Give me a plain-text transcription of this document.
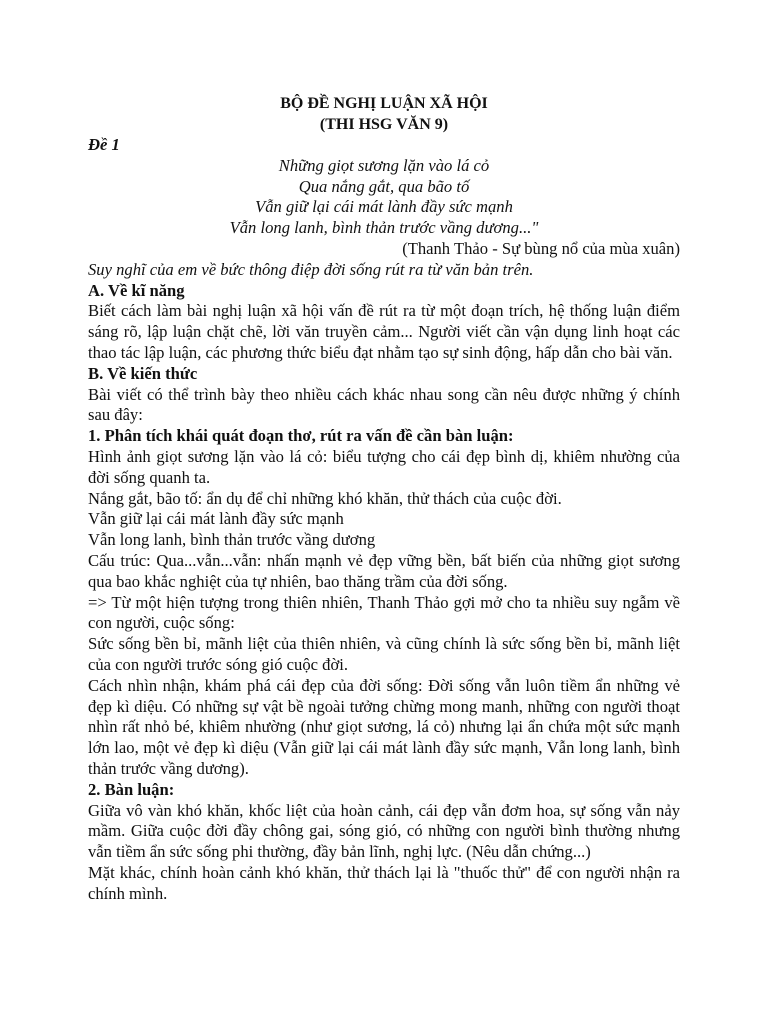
BỘ ĐỀ NGHỊ LUẬN XÃ HỘI
(THI HSG VĂN 9)
Đề 1
Những giọt sương lặn vào lá cỏ
Qua nắng gắt, qua bão tố
Vẫn giữ lại cái mát lành đầy sức mạnh
Vẫn long lanh, bình thản trước vầng dương..."
(Thanh Thảo - Sự bùng nổ của mùa xuân)
Suy nghĩ của em về bức thông điệp đời sống rút ra từ văn bản trên.
A. Về kĩ năng
Biết cách làm bài nghị luận xã hội vấn đề rút ra từ một đoạn trích, hệ thống luận điểm sáng rõ, lập luận chặt chẽ, lời văn truyền cảm... Người viết cần vận dụng linh hoạt các thao tác lập luận, các phương thức biểu đạt nhằm tạo sự sinh động, hấp dẫn cho bài văn.
B. Về kiến thức
Bài viết có thể trình bày theo nhiều cách khác nhau song cần nêu được những ý chính sau đây:
1. Phân tích khái quát đoạn thơ, rút ra vấn đề cần bàn luận:
Hình ảnh giọt sương lặn vào lá cỏ: biểu tượng cho cái đẹp bình dị, khiêm nhường của đời sống quanh ta.
Nắng gắt, bão tố: ẩn dụ để chỉ những khó khăn, thử thách của cuộc đời.
Vẫn giữ lại cái mát lành đầy sức mạnh
Vẫn long lanh, bình thản trước vầng dương
Cấu trúc: Qua...vẫn...vẫn: nhấn mạnh vẻ đẹp vững bền, bất biến của những giọt sương qua bao khắc nghiệt của tự nhiên, bao thăng trầm của đời sống.
=> Từ một hiện tượng trong thiên nhiên, Thanh Thảo gợi mở cho ta nhiều suy ngẫm về con người, cuộc sống:
Sức sống bền bỉ, mãnh liệt của thiên nhiên, và cũng chính là sức sống bền bỉ, mãnh liệt của con người trước sóng gió cuộc đời.
Cách nhìn nhận, khám phá cái đẹp của đời sống: Đời sống vẫn luôn tiềm ẩn những vẻ đẹp kì diệu. Có những sự vật bề ngoài tưởng chừng mong manh, những con người thoạt nhìn rất nhỏ bé, khiêm nhường (như giọt sương, lá cỏ) nhưng lại ẩn chứa một sức mạnh lớn lao, một vẻ đẹp kì diệu (Vẫn giữ lại cái mát lành đầy sức mạnh, Vẫn long lanh, bình thản trước vầng dương).
2. Bàn luận:
Giữa vô vàn khó khăn, khốc liệt của hoàn cảnh, cái đẹp vẫn đơm hoa, sự sống vẫn nảy mầm. Giữa cuộc đời đầy chông gai, sóng gió, có những con người bình thường nhưng vẫn tiềm ẩn sức sống phi thường, đầy bản lĩnh, nghị lực. (Nêu dẫn chứng...)
Mặt khác, chính hoàn cảnh khó khăn, thử thách lại là "thuốc thử" để con người nhận ra chính mình.
